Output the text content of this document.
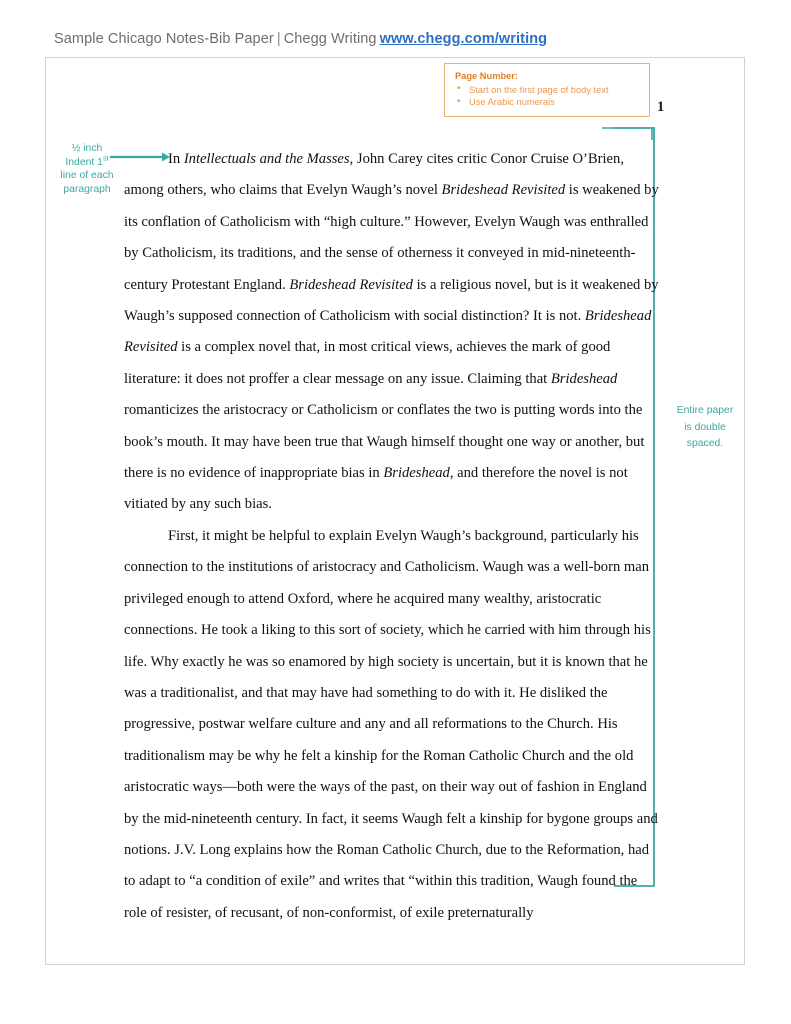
Sample Chicago Notes-Bib Paper | Chegg Writing www.chegg.com/writing
1
Page Number:
• Start on the first page of body text
• Use Arabic numerals
½ inch
Indent 1st
line of each
paragraph
Entire paper
is double
spaced.

In Intellectuals and the Masses, John Carey cites critic Conor Cruise O’Brien, among others, who claims that Evelyn Waugh’s novel Brideshead Revisited is weakened by its conflation of Catholicism with “high culture.” However, Evelyn Waugh was enthralled by Catholicism, its traditions, and the sense of otherness it conveyed in mid-nineteenth-century Protestant England. Brideshead Revisited is a religious novel, but is it weakened by Waugh’s supposed connection of Catholicism with social distinction? It is not. Brideshead Revisited is a complex novel that, in most critical views, achieves the mark of good literature: it does not proffer a clear message on any issue. Claiming that Brideshead romanticizes the aristocracy or Catholicism or conflates the two is putting words into the book’s mouth. It may have been true that Waugh himself thought one way or another, but there is no evidence of inappropriate bias in Brideshead, and therefore the novel is not vitiated by any such bias.

First, it might be helpful to explain Evelyn Waugh’s background, particularly his connection to the institutions of aristocracy and Catholicism. Waugh was a well-born man privileged enough to attend Oxford, where he acquired many wealthy, aristocratic connections. He took a liking to this sort of society, which he carried with him through his life. Why exactly he was so enamored by high society is uncertain, but it is known that he was a traditionalist, and that may have had something to do with it. He disliked the progressive, postwar welfare culture and any and all reformations to the Church. His traditionalism may be why he felt a kinship for the Roman Catholic Church and the old aristocratic ways—both were the ways of the past, on their way out of fashion in England by the mid-nineteenth century. In fact, it seems Waugh felt a kinship for bygone groups and notions. J.V. Long explains how the Roman Catholic Church, due to the Reformation, had to adapt to “a condition of exile” and writes that “within this tradition, Waugh found the role of resister, of recusant, of non-conformist, of exile preternaturally
